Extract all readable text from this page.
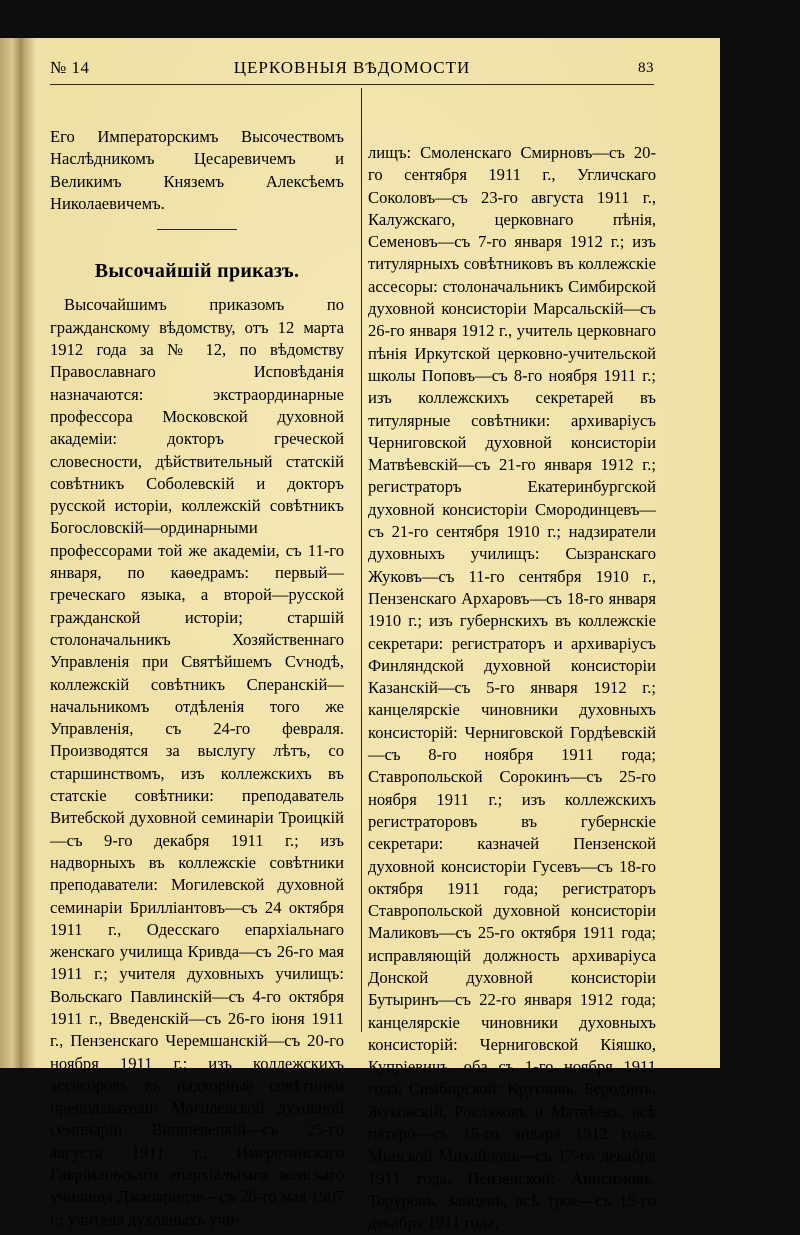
№ 14	ЦЕРКОВНЫЯ ВѢДОМОСТИ	83

Его Императорскимъ Высочествомъ Наслѣдникомъ Цесаревичемъ и Великимъ Княземъ Алексѣемъ Николаевичемъ.

Высочайшій приказъ.

Высочайшимъ приказомъ по гражданскому вѣдомству, отъ 12 марта 1912 года за № 12, по вѣдомству Православнаго Исповѣданія назначаются: экстраординарные профессора Московской духовной академіи: докторъ греческой словесности, дѣйствительный статскій совѣтникъ Соболевскій и докторъ русской исторіи, коллежскій совѣтникъ Богословскій—ординарными профессорами той же академіи, съ 11-го января, по каѳедрамъ: первый—греческаго языка, а второй—русской гражданской исторіи; старшій столоначальникъ Хозяйственнаго Управленія при Святѣйшемъ Сѵнодѣ, коллежскій совѣтникъ Сперанскій—начальникомъ отдѣленія того же Управленія, съ 24-го февраля. Производятся за выслугу лѣтъ, со старшинствомъ, изъ коллежскихъ въ статскіе совѣтники: преподаватель Витебской духовной семинаріи Троицкій—съ 9-го декабря 1911 г.; изъ надворныхъ въ коллежскіе совѣтники преподаватели: Могилевской духовной семинаріи Бриллiантовъ—съ 24 октября 1911 г., Одесскаго епархіальнаго женскаго училища Кривда—съ 26-го мая 1911 г.; учителя духовныхъ училищъ: Вольскаго Павлинскій—съ 4-го октября 1911 г., Введенскій—съ 26-го іюня 1911 г., Пензенскаго Черемшанскій—съ 20-го ноября 1911 г.; изъ коллежскихъ ассесоровъ въ надворные совѣтники преподаватели: Могилевской духовной семинаріи Вишневецкій—съ 25-го августа 1911 г., Имеретинскаго Гавріиловскаго епархіальнаго женскаго училища Джапаридзе—съ 26-го мая 1907 г.; учителя духовныхъ учи-

лищъ: Смоленскаго Смирновъ—съ 20-го сентября 1911 г., Угличскаго Соколовъ—съ 23-го августа 1911 г., Калужскаго, церковнаго пѣнія, Семеновъ—съ 7-го января 1912 г.; изъ титулярныхъ совѣтниковъ въ коллежскіе ассесоры: столоначальникъ Симбирской духовной консисторіи Марсальскій—съ 26-го января 1912 г., учитель церковнаго пѣнія Иркутской церковно-учительской школы Поповъ—съ 8-го ноября 1911 г.; изъ коллежскихъ секретарей въ титулярные совѣтники: архиваріусъ Черниговской духовной консисторіи Матвѣевскій—съ 21-го января 1912 г.; регистраторъ Екатеринбургской духовной консисторіи Смородинцевъ—съ 21-го сентября 1910 г.; надзиратели духовныхъ училищъ: Сызранскаго Жуковъ—съ 11-го сентября 1910 г., Пензенскаго Архаровъ—съ 18-го января 1910 г.; изъ губернскихъ въ коллежскіе секретари: регистраторъ и архиваріусъ Финляндской духовной консисторіи Казанскій—съ 5-го января 1912 г.; канцелярскіе чиновники духовныхъ консисторій: Черниговской Гордѣевскій—съ 8-го ноября 1911 года; Ставропольской Сорокинъ—съ 25-го ноября 1911 г.; изъ коллежскихъ регистраторовъ въ губернскіе секретари: казначей Пензенской духовной консисторіи Гусевъ—съ 18-го октября 1911 года; регистраторъ Ставропольской духовной консисторіи Маликовъ—съ 25-го октября 1911 года; исправляющій должность архиваріуса Донской духовной консисторіи Бутыринъ—съ 22-го января 1912 года; канцелярскіе чиновники духовныхъ консисторій: Черниговской Кіяшко, Купріевичъ, оба съ 1-го ноября 1911 года, Симбирской: Кругловъ, Беродинъ, Жуковскій, Росляковъ и Матвѣевъ, всѣ пятеро—съ 15-го января 1912 года, Минской Михайловъ—съ 17-го декабря 1911 года, Пензенской: Анисимовъ, Торуровъ, Зайцевъ, всѣ трое—съ 15-го декабря 1911 года;
